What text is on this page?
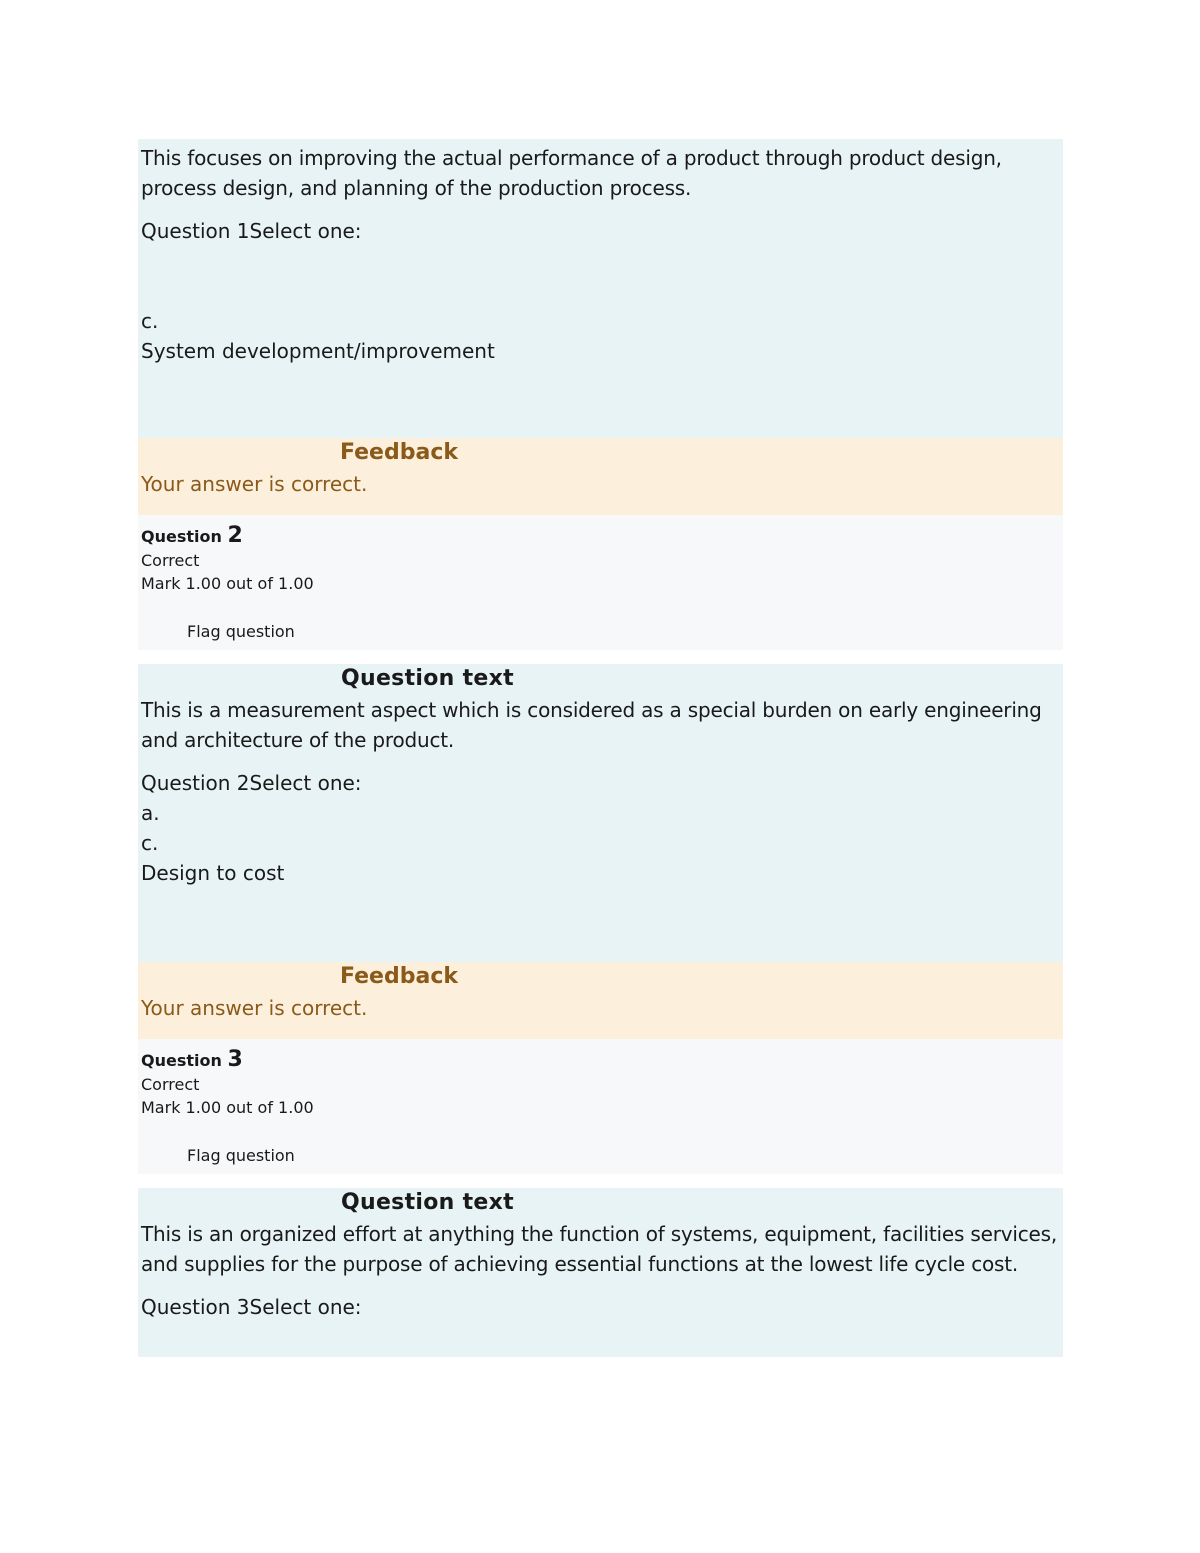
This focuses on improving the actual performance of a product through product design, process design, and planning of the production process.
Question 1Select one:
c.
System development/improvement
Feedback
Your answer is correct.
Question 2
Correct
Mark 1.00 out of 1.00
Flag question
Question text
This is a measurement aspect which is considered as a special burden on early engineering and architecture of the product.
Question 2Select one:
a.
c.
Design to cost
Feedback
Your answer is correct.
Question 3
Correct
Mark 1.00 out of 1.00
Flag question
Question text
This is an organized effort at anything the function of systems, equipment, facilities services, and supplies for the purpose of achieving essential functions at the lowest life cycle cost.
Question 3Select one:
